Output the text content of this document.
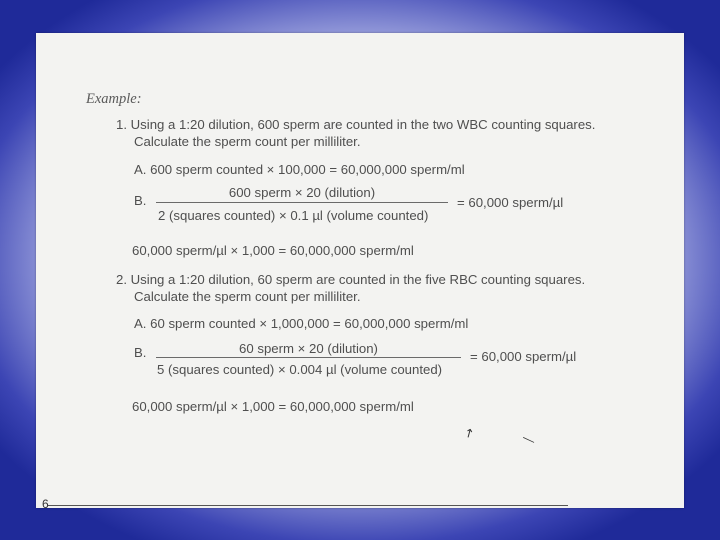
Example:
1. Using a 1:20 dilution, 600 sperm are counted in the two WBC counting squares.
Calculate the sperm count per milliliter.
A. 600 sperm counted × 100,000 = 60,000,000 sperm/ml
B.
600 sperm × 20 (dilution)
2 (squares counted) × 0.1 µl (volume counted)
= 60,000 sperm/µl
60,000 sperm/µl × 1,000 = 60,000,000 sperm/ml
2. Using a 1:20 dilution, 60 sperm are counted in the five RBC counting squares.
Calculate the sperm count per milliliter.
A. 60 sperm counted × 1,000,000 = 60,000,000 sperm/ml
B.	60 sperm × 20 (dilution)
5 (squares counted) × 0.004 µl (volume counted)
= 60,000 sperm/µl
60,000 sperm/µl × 1,000 = 60,000,000 sperm/ml
↗	—
6
